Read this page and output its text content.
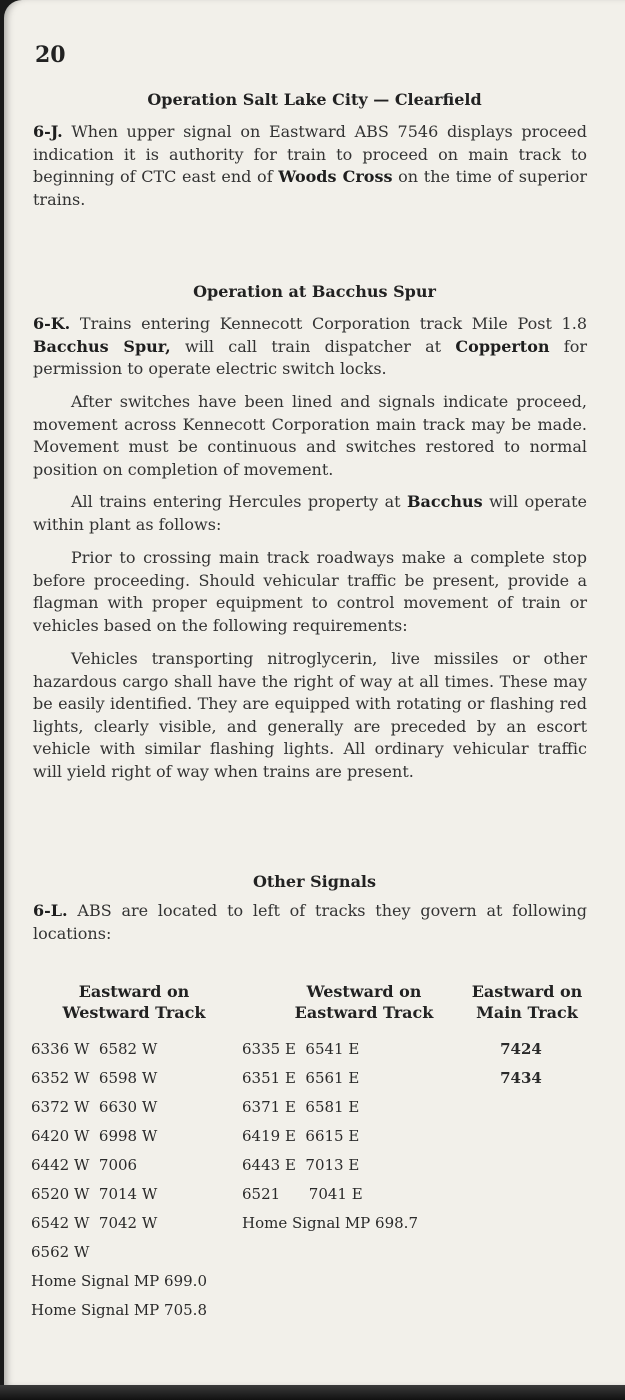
20
Operation Salt Lake City — Clearfield
6-J. When upper signal on Eastward ABS 7546 displays proceed indication it is authority for train to proceed on main track to beginning of CTC east end of Woods Cross on the time of superior trains.
Operation at Bacchus Spur
6-K. Trains entering Kennecott Corporation track Mile Post 1.8 Bacchus Spur, will call train dispatcher at Copperton for permission to operate electric switch locks.
After switches have been lined and signals indicate proceed, movement across Kennecott Corporation main track may be made. Movement must be continuous and switches restored to normal position on completion of movement.
All trains entering Hercules property at Bacchus will operate within plant as follows:
Prior to crossing main track roadways make a complete stop before proceeding. Should vehicular traffic be present, provide a flagman with proper equipment to control movement of train or vehicles based on the following requirements:
Vehicles transporting nitroglycerin, live missiles or other hazardous cargo shall have the right of way at all times. These may be easily identified. They are equipped with rotating or flashing red lights, clearly visible, and generally are preceded by an escort vehicle with similar flashing lights. All ordinary vehicular traffic will yield right of way when trains are present.
Other Signals
6-L. ABS are located to left of tracks they govern at following locations:
Eastward on
Westward Track
Westward on
Eastward Track
Eastward on
Main Track
6336 W  6582 W
6352 W  6598 W
6372 W  6630 W
6420 W  6998 W
6442 W  7006
6520 W  7014 W
6542 W  7042 W
6562 W
Home Signal MP 699.0
Home Signal MP 705.8
6335 E  6541 E
6351 E  6561 E
6371 E  6581 E
6419 E  6615 E
6443 E  7013 E
6521      7041 E
Home Signal MP 698.7
7424
7434
